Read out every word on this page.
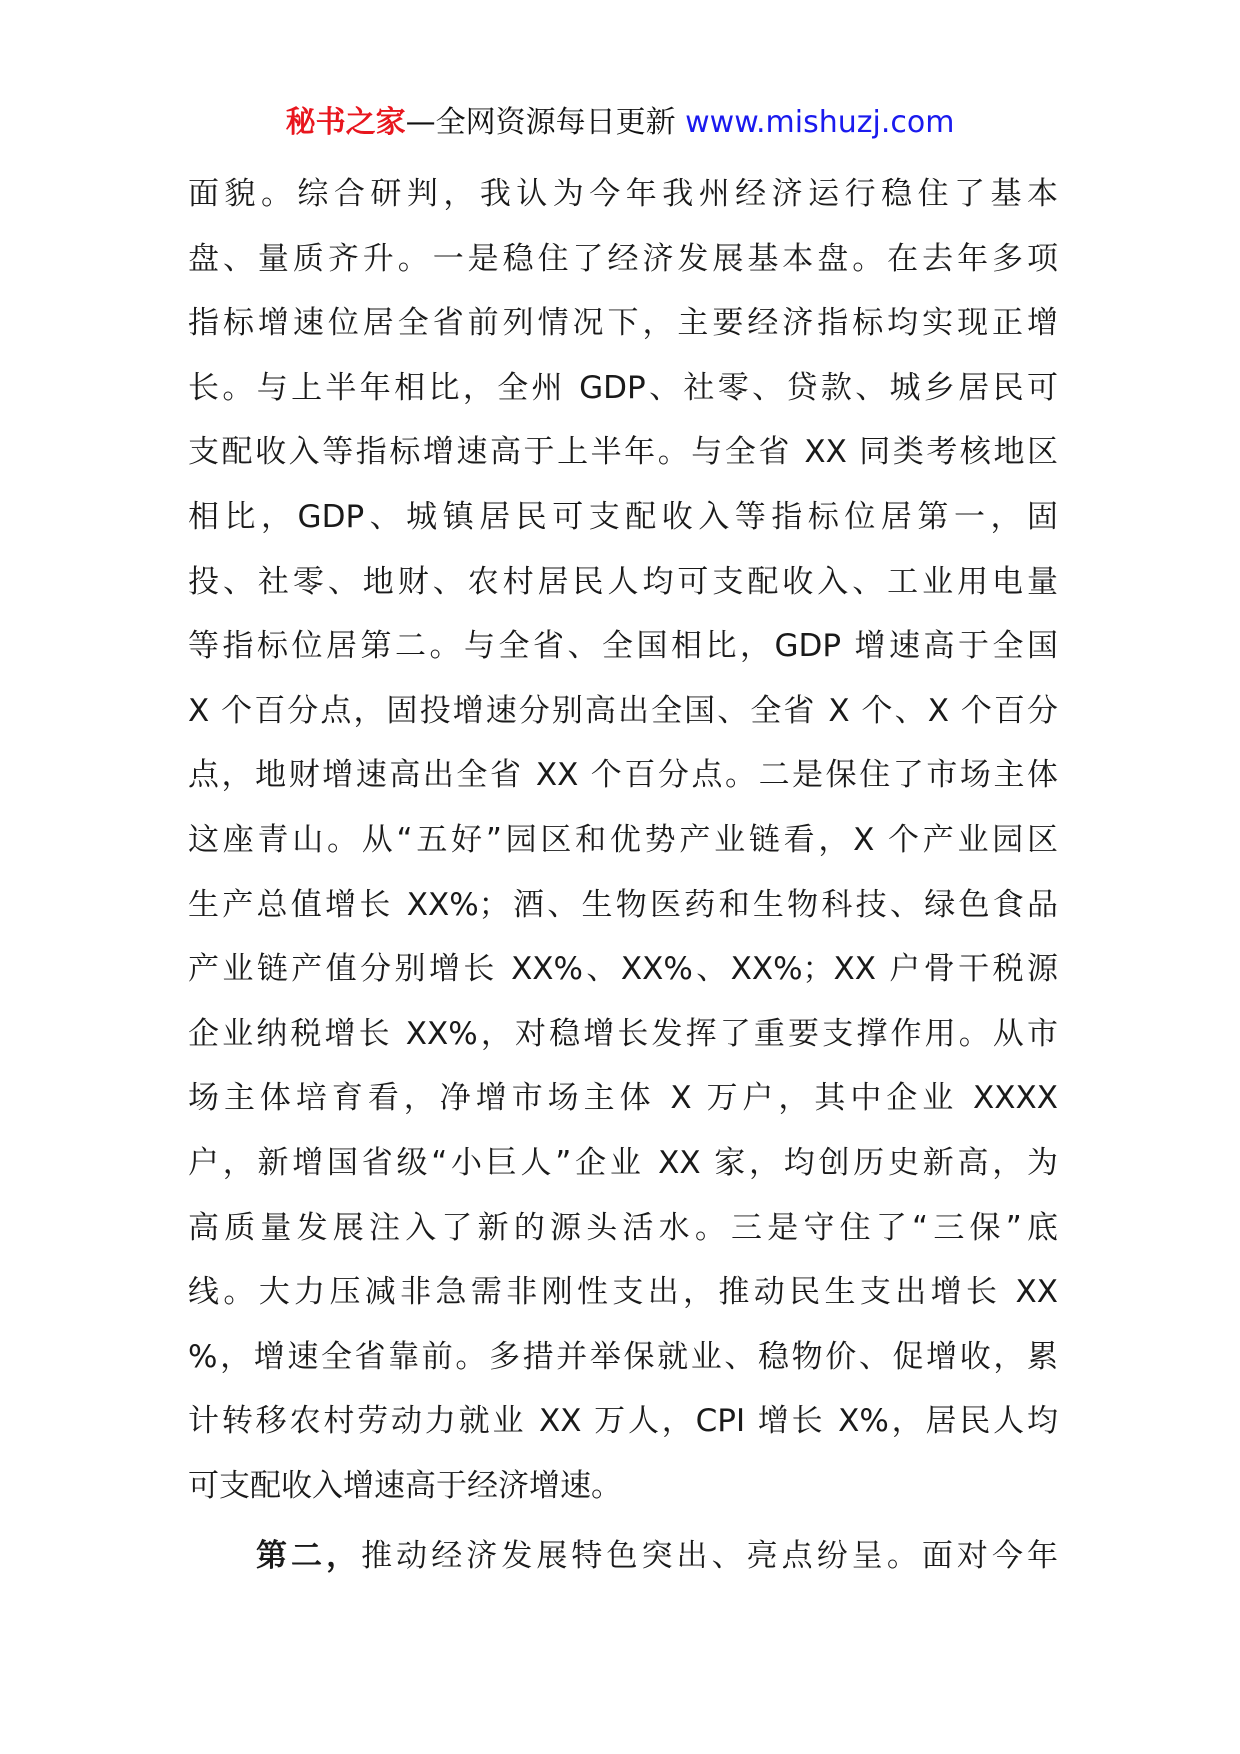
秘书之家—全网资源每日更新 www.mishuzj.com
面貌。综合研判，我认为今年我州经济运行稳住了基本
盘、量质齐升。一是稳住了经济发展基本盘。在去年多项
指标增速位居全省前列情况下，主要经济指标均实现正增
长。与上半年相比，全州 GDP、社零、贷款、城乡居民可
支配收入等指标增速高于上半年。与全省 XX 同类考核地区
相比，GDP、城镇居民可支配收入等指标位居第一，固
投、社零、地财、农村居民人均可支配收入、工业用电量
等指标位居第二。与全省、全国相比，GDP 增速高于全国
X 个百分点，固投增速分别高出全国、全省 X 个、X 个百分
点，地财增速高出全省 XX 个百分点。二是保住了市场主体
这座青山。从“五好”园区和优势产业链看，X 个产业园区
生产总值增长 XX%；酒、生物医药和生物科技、绿色食品
产业链产值分别增长 XX%、XX%、XX%；XX 户骨干税源
企业纳税增长 XX%，对稳增长发挥了重要支撑作用。从市
场主体培育看，净增市场主体 X 万户，其中企业 XXXX
户，新增国省级“小巨人”企业 XX 家，均创历史新高，为
高质量发展注入了新的源头活水。三是守住了“三保”底
线。大力压减非急需非刚性支出，推动民生支出增长 XX
%，增速全省靠前。多措并举保就业、稳物价、促增收，累
计转移农村劳动力就业 XX 万人，CPI 增长 X%，居民人均
可支配收入增速高于经济增速。
第二，推动经济发展特色突出、亮点纷呈。面对今年
